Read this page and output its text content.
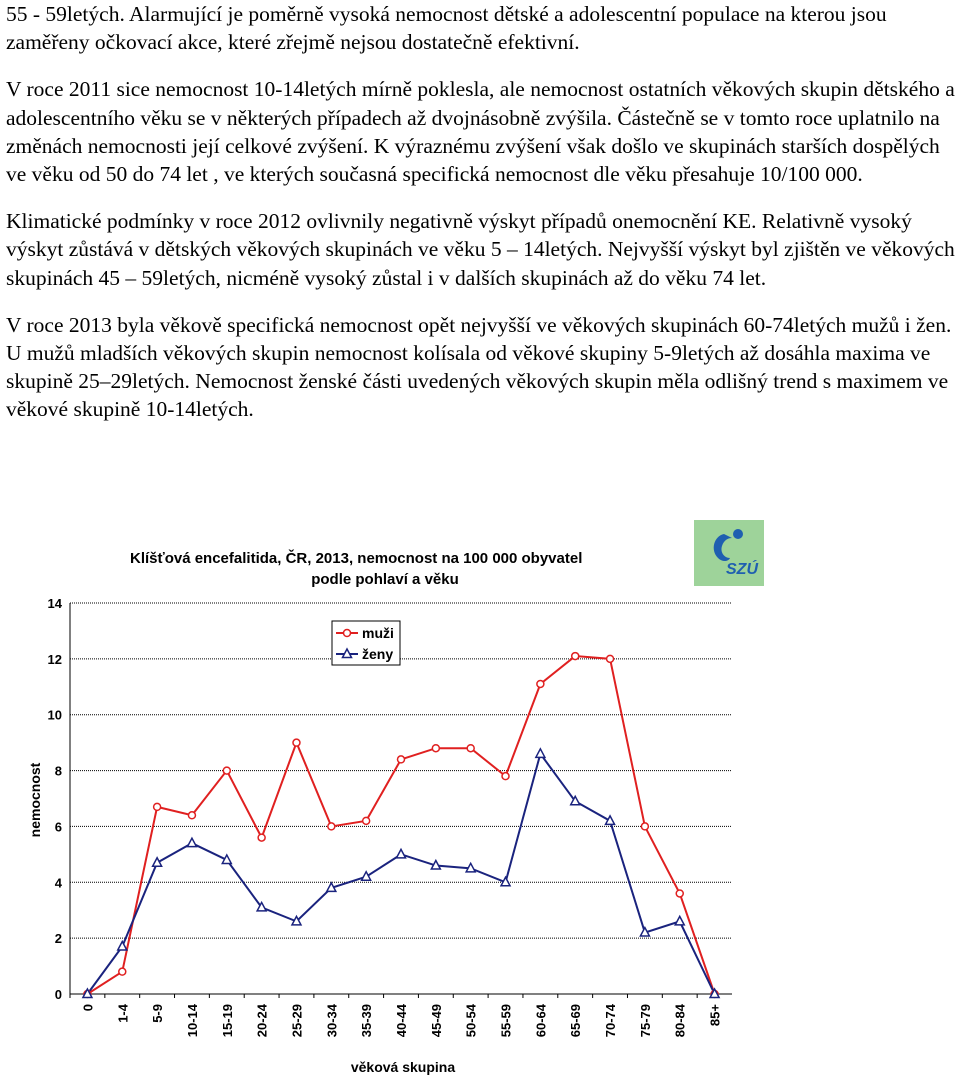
55 - 59letých. Alarmující je poměrně vysoká nemocnost dětské a adolescentní populace na kterou jsou zaměřeny očkovací akce, které zřejmě nejsou dostatečně efektivní.

V roce 2011 sice nemocnost 10-14letých mírně poklesla, ale nemocnost ostatních věkových skupin dětského a adolescentního věku se v některých případech až dvojnásobně zvýšila. Částečně se v tomto roce uplatnilo na změnách nemocnosti její celkové zvýšení. K výraznému zvýšení však došlo ve skupinách starších dospělých ve věku od 50 do 74 let , ve kterých současná specifická nemocnost dle věku přesahuje 10/100 000.

Klimatické podmínky v roce 2012 ovlivnily negativně výskyt případů onemocnění KE. Relativně vysoký výskyt zůstává v dětských věkových skupinách ve věku 5 – 14letých. Nejvyšší výskyt byl zjištěn ve věkových skupinách 45 – 59letých, nicméně vysoký zůstal i v dalších skupinách až do věku 74 let.

V roce 2013 byla věkově specifická nemocnost opět nejvyšší ve věkových skupinách 60-74letých mužů i žen. U mužů mladších věkových skupin nemocnost kolísala od věkové skupiny 5-9letých až dosáhla maxima ve skupině 25–29letých. Nemocnost ženské části uvedených věkových skupin měla odlišný trend s maximem ve věkové skupině 10-14letých.

SZÚ
Klíšťová encefalitida, ČR, 2013, nemocnost na 100 000 obyvatel
podle pohlaví a věku
0
2
4
6
8
10
12
14
0 1-4 5-9 10-14 15-19 20-24 25-29 30-34 35-39 40-44 45-49 50-54 55-59 60-64 65-69 70-74 75-79 80-84 85+
nemocnost
věková skupina
muži
ženy
